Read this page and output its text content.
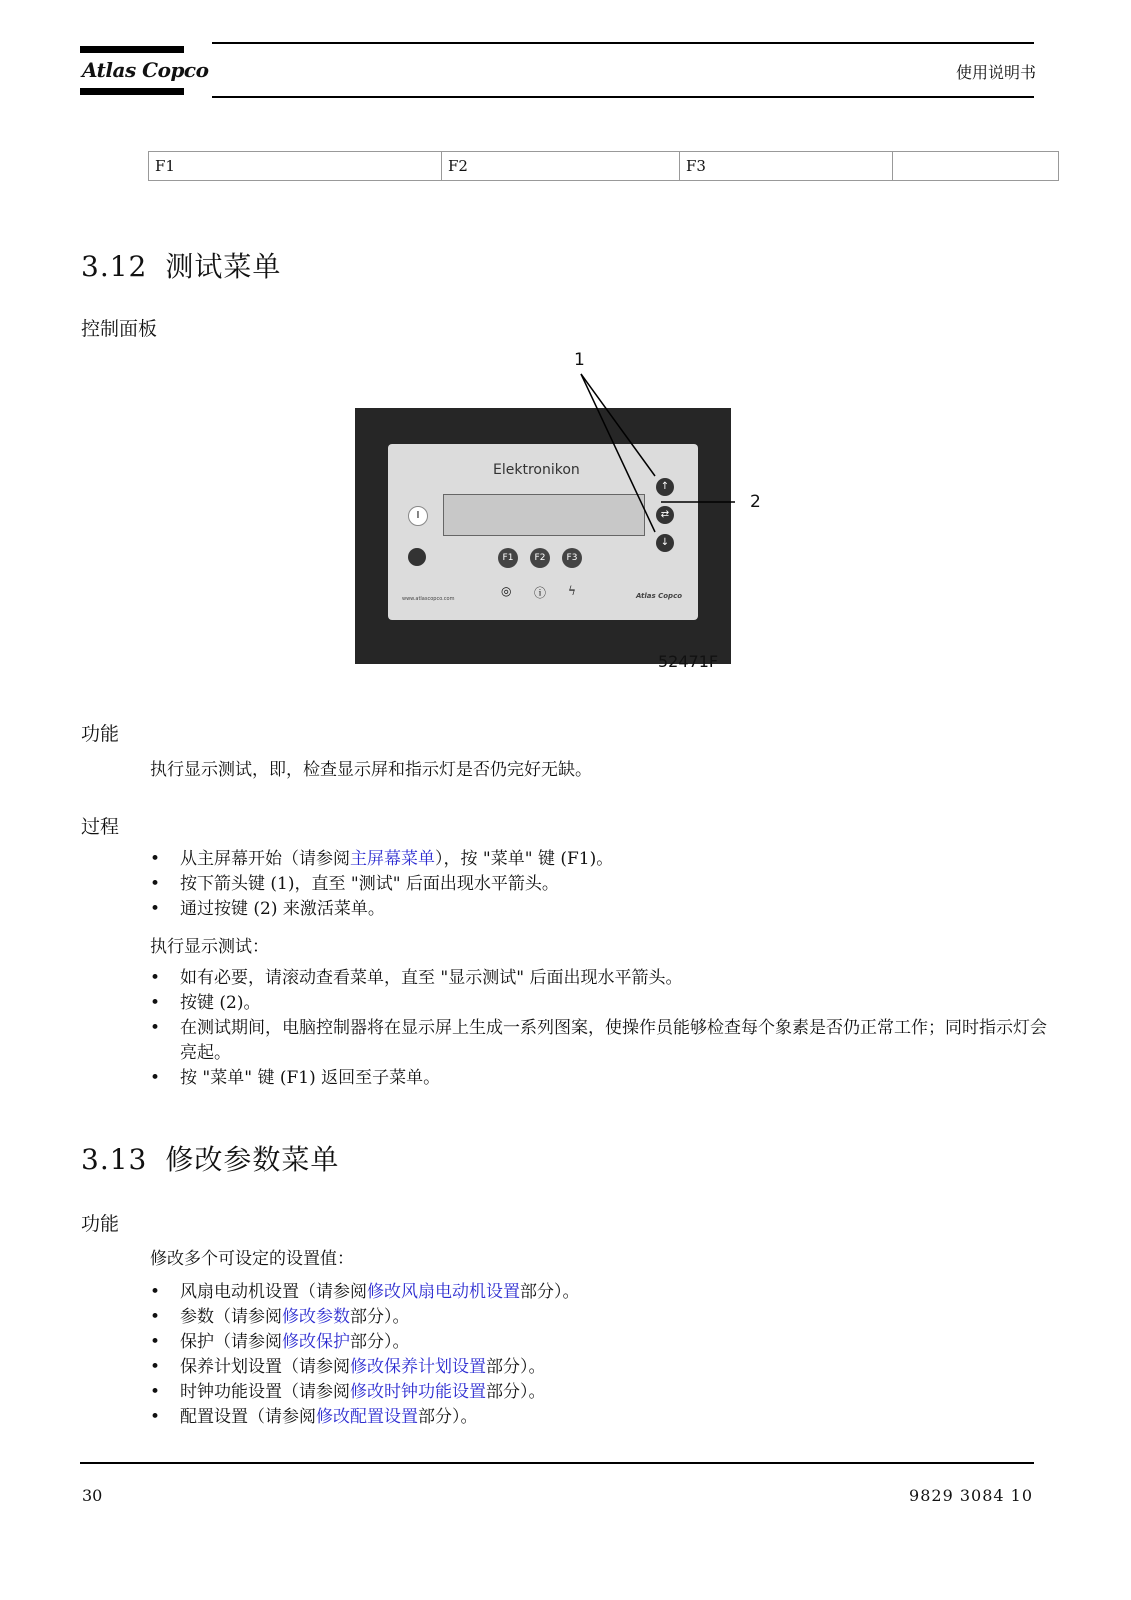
Atlas Copco	使用说明书
F1	F2	F3	
3.12 测试菜单
控制面板
1
Elektronikon
I
F1	F2	F3
↑
⇄
↓
◎ ⓘ ϟ
www.atlascopco.com	Atlas Copco
2
52471F
功能
执行显示测试，即，检查显示屏和指示灯是否仍完好无缺。
过程
• 从主屏幕开始（请参阅主屏幕菜单），按 "菜单" 键 (F1)。
• 按下箭头键 (1)，直至 "测试" 后面出现水平箭头。
• 通过按键 (2) 来激活菜单。
执行显示测试：
• 如有必要，请滚动查看菜单，直至 "显示测试" 后面出现水平箭头。
• 按键 (2)。
• 在测试期间，电脑控制器将在显示屏上生成一系列图案，使操作员能够检查每个象素是否仍正常工作；同时指示灯会亮起。
• 按 "菜单" 键 (F1) 返回至子菜单。
3.13 修改参数菜单
功能
修改多个可设定的设置值：
• 风扇电动机设置（请参阅修改风扇电动机设置部分）。
• 参数（请参阅修改参数部分）。
• 保护（请参阅修改保护部分）。
• 保养计划设置（请参阅修改保养计划设置部分）。
• 时钟功能设置（请参阅修改时钟功能设置部分）。
• 配置设置（请参阅修改配置设置部分）。
30	9829 3084 10
